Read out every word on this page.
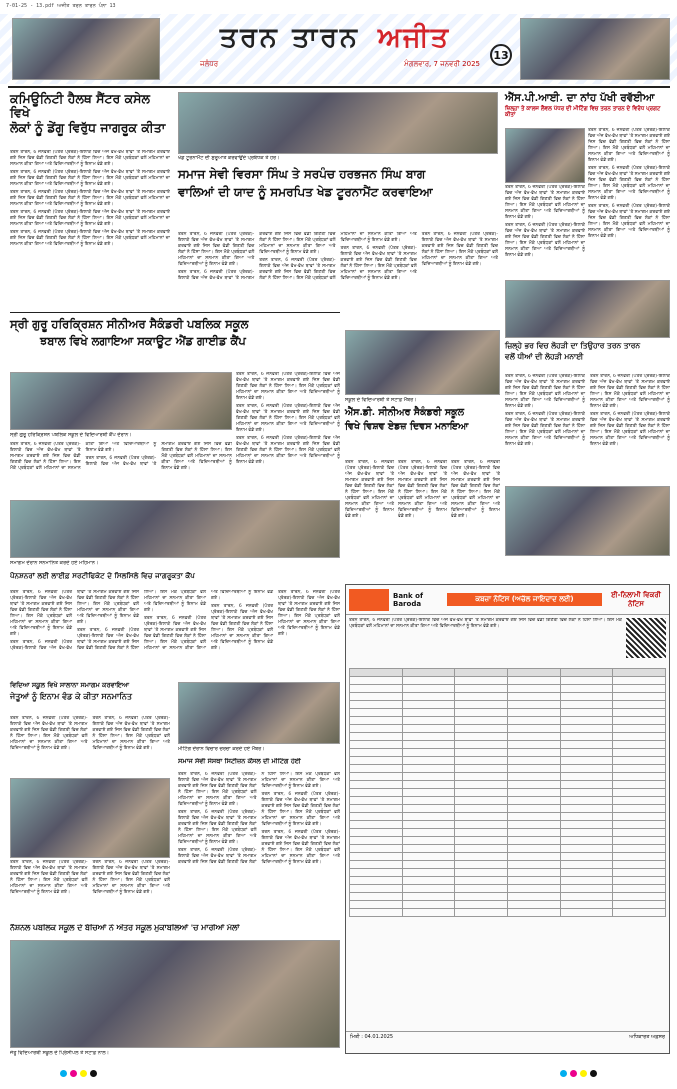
7-01-25 - 13.pdf ਅਜੀਤ ਤਰਨ ਤਾਰਨ ਪੰਨਾ 13
ਤਰਨ ਤਾਰਨ ਅਜੀਤ
ਜਲੰਧਰ	ਮੰਗਲਵਾਰ, 7 ਜਨਵਰੀ 2025
13
ਕਮਿਊਨਿਟੀ ਹੈਲਥ ਸੈਂਟਰ ਕਸੇਲ ਵਿਖੇ
ਲੋਕਾਂ ਨੂੰ ਡੇਂਗੂ ਵਿਰੁੱਧ ਜਾਗਰੂਕ ਕੀਤਾ

ਤਰਨ ਤਾਰਨ, 6 ਜਨਵਰੀ (ਪੱਤਰ ਪ੍ਰੇਰਕ)-ਇਲਾਕੇ ਵਿਚ ਅੱਜ ਵੱਖ-ਵੱਖ ਥਾਵਾਂ 'ਤੇ ਸਮਾਗਮ ਕਰਵਾਏ ਗਏ ਜਿਸ ਵਿਚ ਵੱਡੀ ਗਿਣਤੀ ਵਿਚ ਲੋਕਾਂ ਨੇ ਹਿੱਸਾ ਲਿਆ। ਇਸ ਮੌਕੇ ਪ੍ਰਬੰਧਕਾਂ ਵਲੋਂ ਮਹਿਮਾਨਾਂ ਦਾ ਸਨਮਾਨ ਕੀਤਾ ਗਿਆ ਅਤੇ ਵਿਦਿਆਰਥੀਆਂ ਨੂੰ ਇਨਾਮ ਵੰਡੇ ਗਏ।

ਤਰਨ ਤਾਰਨ, 6 ਜਨਵਰੀ (ਪੱਤਰ ਪ੍ਰੇਰਕ)-ਇਲਾਕੇ ਵਿਚ ਅੱਜ ਵੱਖ-ਵੱਖ ਥਾਵਾਂ 'ਤੇ ਸਮਾਗਮ ਕਰਵਾਏ ਗਏ ਜਿਸ ਵਿਚ ਵੱਡੀ ਗਿਣਤੀ ਵਿਚ ਲੋਕਾਂ ਨੇ ਹਿੱਸਾ ਲਿਆ। ਇਸ ਮੌਕੇ ਪ੍ਰਬੰਧਕਾਂ ਵਲੋਂ ਮਹਿਮਾਨਾਂ ਦਾ ਸਨਮਾਨ ਕੀਤਾ ਗਿਆ ਅਤੇ ਵਿਦਿਆਰਥੀਆਂ ਨੂੰ ਇਨਾਮ ਵੰਡੇ ਗਏ।

ਤਰਨ ਤਾਰਨ, 6 ਜਨਵਰੀ (ਪੱਤਰ ਪ੍ਰੇਰਕ)-ਇਲਾਕੇ ਵਿਚ ਅੱਜ ਵੱਖ-ਵੱਖ ਥਾਵਾਂ 'ਤੇ ਸਮਾਗਮ ਕਰਵਾਏ ਗਏ ਜਿਸ ਵਿਚ ਵੱਡੀ ਗਿਣਤੀ ਵਿਚ ਲੋਕਾਂ ਨੇ ਹਿੱਸਾ ਲਿਆ। ਇਸ ਮੌਕੇ ਪ੍ਰਬੰਧਕਾਂ ਵਲੋਂ ਮਹਿਮਾਨਾਂ ਦਾ ਸਨਮਾਨ ਕੀਤਾ ਗਿਆ ਅਤੇ ਵਿਦਿਆਰਥੀਆਂ ਨੂੰ ਇਨਾਮ ਵੰਡੇ ਗਏ।

ਤਰਨ ਤਾਰਨ, 6 ਜਨਵਰੀ (ਪੱਤਰ ਪ੍ਰੇਰਕ)-ਇਲਾਕੇ ਵਿਚ ਅੱਜ ਵੱਖ-ਵੱਖ ਥਾਵਾਂ 'ਤੇ ਸਮਾਗਮ ਕਰਵਾਏ ਗਏ ਜਿਸ ਵਿਚ ਵੱਡੀ ਗਿਣਤੀ ਵਿਚ ਲੋਕਾਂ ਨੇ ਹਿੱਸਾ ਲਿਆ। ਇਸ ਮੌਕੇ ਪ੍ਰਬੰਧਕਾਂ ਵਲੋਂ ਮਹਿਮਾਨਾਂ ਦਾ ਸਨਮਾਨ ਕੀਤਾ ਗਿਆ ਅਤੇ ਵਿਦਿਆਰਥੀਆਂ ਨੂੰ ਇਨਾਮ ਵੰਡੇ ਗਏ।

ਤਰਨ ਤਾਰਨ, 6 ਜਨਵਰੀ (ਪੱਤਰ ਪ੍ਰੇਰਕ)-ਇਲਾਕੇ ਵਿਚ ਅੱਜ ਵੱਖ-ਵੱਖ ਥਾਵਾਂ 'ਤੇ ਸਮਾਗਮ ਕਰਵਾਏ ਗਏ ਜਿਸ ਵਿਚ ਵੱਡੀ ਗਿਣਤੀ ਵਿਚ ਲੋਕਾਂ ਨੇ ਹਿੱਸਾ ਲਿਆ। ਇਸ ਮੌਕੇ ਪ੍ਰਬੰਧਕਾਂ ਵਲੋਂ ਮਹਿਮਾਨਾਂ ਦਾ ਸਨਮਾਨ ਕੀਤਾ ਗਿਆ ਅਤੇ ਵਿਦਿਆਰਥੀਆਂ ਨੂੰ ਇਨਾਮ ਵੰਡੇ ਗਏ।

ਖੇਡ ਟੂਰਨਾਮੈਂਟ ਦੀ ਸ਼ੁਰੂਆਤ ਕਰਵਾਉਂਦੇ ਪ੍ਰਬੰਧਕ ਤੇ ਹੋਰ।
ਸਮਾਜ ਸੇਵੀ ਵਿਰਸਾ ਸਿੰਘ ਤੇ ਸਰਪੰਚ ਹਰਭਜਨ ਸਿੰਘ ਬਾਗ
ਵਾਲਿਆਂ ਦੀ ਯਾਦ ਨੂੰ ਸਮਰਪਿਤ ਖੇਡ ਟੂਰਨਾਮੈਂਟ ਕਰਵਾਇਆ

ਤਰਨ ਤਾਰਨ, 6 ਜਨਵਰੀ (ਪੱਤਰ ਪ੍ਰੇਰਕ)-ਇਲਾਕੇ ਵਿਚ ਅੱਜ ਵੱਖ-ਵੱਖ ਥਾਵਾਂ 'ਤੇ ਸਮਾਗਮ ਕਰਵਾਏ ਗਏ ਜਿਸ ਵਿਚ ਵੱਡੀ ਗਿਣਤੀ ਵਿਚ ਲੋਕਾਂ ਨੇ ਹਿੱਸਾ ਲਿਆ। ਇਸ ਮੌਕੇ ਪ੍ਰਬੰਧਕਾਂ ਵਲੋਂ ਮਹਿਮਾਨਾਂ ਦਾ ਸਨਮਾਨ ਕੀਤਾ ਗਿਆ ਅਤੇ ਵਿਦਿਆਰਥੀਆਂ ਨੂੰ ਇਨਾਮ ਵੰਡੇ ਗਏ।

ਤਰਨ ਤਾਰਨ, 6 ਜਨਵਰੀ (ਪੱਤਰ ਪ੍ਰੇਰਕ)-ਇਲਾਕੇ ਵਿਚ ਅੱਜ ਵੱਖ-ਵੱਖ ਥਾਵਾਂ 'ਤੇ ਸਮਾਗਮ ਕਰਵਾਏ ਗਏ ਜਿਸ ਵਿਚ ਵੱਡੀ ਗਿਣਤੀ ਵਿਚ ਲੋਕਾਂ ਨੇ ਹਿੱਸਾ ਲਿਆ। ਇਸ ਮੌਕੇ ਪ੍ਰਬੰਧਕਾਂ ਵਲੋਂ ਮਹਿਮਾਨਾਂ ਦਾ ਸਨਮਾਨ ਕੀਤਾ ਗਿਆ ਅਤੇ ਵਿਦਿਆਰਥੀਆਂ ਨੂੰ ਇਨਾਮ ਵੰਡੇ ਗਏ।

ਤਰਨ ਤਾਰਨ, 6 ਜਨਵਰੀ (ਪੱਤਰ ਪ੍ਰੇਰਕ)-ਇਲਾਕੇ ਵਿਚ ਅੱਜ ਵੱਖ-ਵੱਖ ਥਾਵਾਂ 'ਤੇ ਸਮਾਗਮ ਕਰਵਾਏ ਗਏ ਜਿਸ ਵਿਚ ਵੱਡੀ ਗਿਣਤੀ ਵਿਚ ਲੋਕਾਂ ਨੇ ਹਿੱਸਾ ਲਿਆ। ਇਸ ਮੌਕੇ ਪ੍ਰਬੰਧਕਾਂ ਵਲੋਂ ਮਹਿਮਾਨਾਂ ਦਾ ਸਨਮਾਨ ਕੀਤਾ ਗਿਆ ਅਤੇ ਵਿਦਿਆਰਥੀਆਂ ਨੂੰ ਇਨਾਮ ਵੰਡੇ ਗਏ।

ਤਰਨ ਤਾਰਨ, 6 ਜਨਵਰੀ (ਪੱਤਰ ਪ੍ਰੇਰਕ)-ਇਲਾਕੇ ਵਿਚ ਅੱਜ ਵੱਖ-ਵੱਖ ਥਾਵਾਂ 'ਤੇ ਸਮਾਗਮ ਕਰਵਾਏ ਗਏ ਜਿਸ ਵਿਚ ਵੱਡੀ ਗਿਣਤੀ ਵਿਚ ਲੋਕਾਂ ਨੇ ਹਿੱਸਾ ਲਿਆ। ਇਸ ਮੌਕੇ ਪ੍ਰਬੰਧਕਾਂ ਵਲੋਂ ਮਹਿਮਾਨਾਂ ਦਾ ਸਨਮਾਨ ਕੀਤਾ ਗਿਆ ਅਤੇ ਵਿਦਿਆਰਥੀਆਂ ਨੂੰ ਇਨਾਮ ਵੰਡੇ ਗਏ।

ਤਰਨ ਤਾਰਨ, 6 ਜਨਵਰੀ (ਪੱਤਰ ਪ੍ਰੇਰਕ)-ਇਲਾਕੇ ਵਿਚ ਅੱਜ ਵੱਖ-ਵੱਖ ਥਾਵਾਂ 'ਤੇ ਸਮਾਗਮ ਕਰਵਾਏ ਗਏ ਜਿਸ ਵਿਚ ਵੱਡੀ ਗਿਣਤੀ ਵਿਚ ਲੋਕਾਂ ਨੇ ਹਿੱਸਾ ਲਿਆ। ਇਸ ਮੌਕੇ ਪ੍ਰਬੰਧਕਾਂ ਵਲੋਂ ਮਹਿਮਾਨਾਂ ਦਾ ਸਨਮਾਨ ਕੀਤਾ ਗਿਆ ਅਤੇ ਵਿਦਿਆਰਥੀਆਂ ਨੂੰ ਇਨਾਮ ਵੰਡੇ ਗਏ।

ਐੱਸ.ਪੀ.ਆਈ. ਦਾ ਨਾਂਹ ਪੱਖੀ ਰਵੱਈਆ
ਜ਼ਿਲ੍ਹਾ ਤੇ ਕਾਲਜ ਲੈਵਲ ਪੱਧਰ ਦੀ ਮੀਟਿੰਗ ਵਿਚ ਤਰਨ ਤਾਰਨ ਦੇ ਵਿਰੋਧ ਪ੍ਰਗਟ ਕੀਤਾ

ਤਰਨ ਤਾਰਨ, 6 ਜਨਵਰੀ (ਪੱਤਰ ਪ੍ਰੇਰਕ)-ਇਲਾਕੇ ਵਿਚ ਅੱਜ ਵੱਖ-ਵੱਖ ਥਾਵਾਂ 'ਤੇ ਸਮਾਗਮ ਕਰਵਾਏ ਗਏ ਜਿਸ ਵਿਚ ਵੱਡੀ ਗਿਣਤੀ ਵਿਚ ਲੋਕਾਂ ਨੇ ਹਿੱਸਾ ਲਿਆ। ਇਸ ਮੌਕੇ ਪ੍ਰਬੰਧਕਾਂ ਵਲੋਂ ਮਹਿਮਾਨਾਂ ਦਾ ਸਨਮਾਨ ਕੀਤਾ ਗਿਆ ਅਤੇ ਵਿਦਿਆਰਥੀਆਂ ਨੂੰ ਇਨਾਮ ਵੰਡੇ ਗਏ।

ਤਰਨ ਤਾਰਨ, 6 ਜਨਵਰੀ (ਪੱਤਰ ਪ੍ਰੇਰਕ)-ਇਲਾਕੇ ਵਿਚ ਅੱਜ ਵੱਖ-ਵੱਖ ਥਾਵਾਂ 'ਤੇ ਸਮਾਗਮ ਕਰਵਾਏ ਗਏ ਜਿਸ ਵਿਚ ਵੱਡੀ ਗਿਣਤੀ ਵਿਚ ਲੋਕਾਂ ਨੇ ਹਿੱਸਾ ਲਿਆ। ਇਸ ਮੌਕੇ ਪ੍ਰਬੰਧਕਾਂ ਵਲੋਂ ਮਹਿਮਾਨਾਂ ਦਾ ਸਨਮਾਨ ਕੀਤਾ ਗਿਆ ਅਤੇ ਵਿਦਿਆਰਥੀਆਂ ਨੂੰ ਇਨਾਮ ਵੰਡੇ ਗਏ।

ਤਰਨ ਤਾਰਨ, 6 ਜਨਵਰੀ (ਪੱਤਰ ਪ੍ਰੇਰਕ)-ਇਲਾਕੇ ਵਿਚ ਅੱਜ ਵੱਖ-ਵੱਖ ਥਾਵਾਂ 'ਤੇ ਸਮਾਗਮ ਕਰਵਾਏ ਗਏ ਜਿਸ ਵਿਚ ਵੱਡੀ ਗਿਣਤੀ ਵਿਚ ਲੋਕਾਂ ਨੇ ਹਿੱਸਾ ਲਿਆ। ਇਸ ਮੌਕੇ ਪ੍ਰਬੰਧਕਾਂ ਵਲੋਂ ਮਹਿਮਾਨਾਂ ਦਾ ਸਨਮਾਨ ਕੀਤਾ ਗਿਆ ਅਤੇ ਵਿਦਿਆਰਥੀਆਂ ਨੂੰ ਇਨਾਮ ਵੰਡੇ ਗਏ।

ਤਰਨ ਤਾਰਨ, 6 ਜਨਵਰੀ (ਪੱਤਰ ਪ੍ਰੇਰਕ)-ਇਲਾਕੇ ਵਿਚ ਅੱਜ ਵੱਖ-ਵੱਖ ਥਾਵਾਂ 'ਤੇ ਸਮਾਗਮ ਕਰਵਾਏ ਗਏ ਜਿਸ ਵਿਚ ਵੱਡੀ ਗਿਣਤੀ ਵਿਚ ਲੋਕਾਂ ਨੇ ਹਿੱਸਾ ਲਿਆ। ਇਸ ਮੌਕੇ ਪ੍ਰਬੰਧਕਾਂ ਵਲੋਂ ਮਹਿਮਾਨਾਂ ਦਾ ਸਨਮਾਨ ਕੀਤਾ ਗਿਆ ਅਤੇ ਵਿਦਿਆਰਥੀਆਂ ਨੂੰ ਇਨਾਮ ਵੰਡੇ ਗਏ।

ਤਰਨ ਤਾਰਨ, 6 ਜਨਵਰੀ (ਪੱਤਰ ਪ੍ਰੇਰਕ)-ਇਲਾਕੇ ਵਿਚ ਅੱਜ ਵੱਖ-ਵੱਖ ਥਾਵਾਂ 'ਤੇ ਸਮਾਗਮ ਕਰਵਾਏ ਗਏ ਜਿਸ ਵਿਚ ਵੱਡੀ ਗਿਣਤੀ ਵਿਚ ਲੋਕਾਂ ਨੇ ਹਿੱਸਾ ਲਿਆ। ਇਸ ਮੌਕੇ ਪ੍ਰਬੰਧਕਾਂ ਵਲੋਂ ਮਹਿਮਾਨਾਂ ਦਾ ਸਨਮਾਨ ਕੀਤਾ ਗਿਆ ਅਤੇ ਵਿਦਿਆਰਥੀਆਂ ਨੂੰ ਇਨਾਮ ਵੰਡੇ ਗਏ।

ਸ੍ਰੀ ਗੁਰੂ ਹਰਿਕ੍ਰਿਸ਼ਨ ਸੀਨੀਅਰ ਸੈਕੰਡਰੀ ਪਬਲਿਕ ਸਕੂਲ
ਝਬਾਲ ਵਿਖੇ ਲਗਾਇਆ ਸਕਾਊਟ ਐਂਡ ਗਾਈਡ ਕੈਂਪ

ਤਰਨ ਤਾਰਨ, 6 ਜਨਵਰੀ (ਪੱਤਰ ਪ੍ਰੇਰਕ)-ਇਲਾਕੇ ਵਿਚ ਅੱਜ ਵੱਖ-ਵੱਖ ਥਾਵਾਂ 'ਤੇ ਸਮਾਗਮ ਕਰਵਾਏ ਗਏ ਜਿਸ ਵਿਚ ਵੱਡੀ ਗਿਣਤੀ ਵਿਚ ਲੋਕਾਂ ਨੇ ਹਿੱਸਾ ਲਿਆ। ਇਸ ਮੌਕੇ ਪ੍ਰਬੰਧਕਾਂ ਵਲੋਂ ਮਹਿਮਾਨਾਂ ਦਾ ਸਨਮਾਨ ਕੀਤਾ ਗਿਆ ਅਤੇ ਵਿਦਿਆਰਥੀਆਂ ਨੂੰ ਇਨਾਮ ਵੰਡੇ ਗਏ।

ਤਰਨ ਤਾਰਨ, 6 ਜਨਵਰੀ (ਪੱਤਰ ਪ੍ਰੇਰਕ)-ਇਲਾਕੇ ਵਿਚ ਅੱਜ ਵੱਖ-ਵੱਖ ਥਾਵਾਂ 'ਤੇ ਸਮਾਗਮ ਕਰਵਾਏ ਗਏ ਜਿਸ ਵਿਚ ਵੱਡੀ ਗਿਣਤੀ ਵਿਚ ਲੋਕਾਂ ਨੇ ਹਿੱਸਾ ਲਿਆ। ਇਸ ਮੌਕੇ ਪ੍ਰਬੰਧਕਾਂ ਵਲੋਂ ਮਹਿਮਾਨਾਂ ਦਾ ਸਨਮਾਨ ਕੀਤਾ ਗਿਆ ਅਤੇ ਵਿਦਿਆਰਥੀਆਂ ਨੂੰ ਇਨਾਮ ਵੰਡੇ ਗਏ।

ਤਰਨ ਤਾਰਨ, 6 ਜਨਵਰੀ (ਪੱਤਰ ਪ੍ਰੇਰਕ)-ਇਲਾਕੇ ਵਿਚ ਅੱਜ ਵੱਖ-ਵੱਖ ਥਾਵਾਂ 'ਤੇ ਸਮਾਗਮ ਕਰਵਾਏ ਗਏ ਜਿਸ ਵਿਚ ਵੱਡੀ ਗਿਣਤੀ ਵਿਚ ਲੋਕਾਂ ਨੇ ਹਿੱਸਾ ਲਿਆ। ਇਸ ਮੌਕੇ ਪ੍ਰਬੰਧਕਾਂ ਵਲੋਂ ਮਹਿਮਾਨਾਂ ਦਾ ਸਨਮਾਨ ਕੀਤਾ ਗਿਆ ਅਤੇ ਵਿਦਿਆਰਥੀਆਂ ਨੂੰ ਇਨਾਮ ਵੰਡੇ ਗਏ।

ਸ੍ਰੀ ਗੁਰੂ ਹਰਿਕ੍ਰਿਸ਼ਨ ਪਬਲਿਕ ਸਕੂਲ ਦੇ ਵਿਦਿਆਰਥੀ ਕੈਂਪ ਦੌਰਾਨ।

ਤਰਨ ਤਾਰਨ, 6 ਜਨਵਰੀ (ਪੱਤਰ ਪ੍ਰੇਰਕ)-ਇਲਾਕੇ ਵਿਚ ਅੱਜ ਵੱਖ-ਵੱਖ ਥਾਵਾਂ 'ਤੇ ਸਮਾਗਮ ਕਰਵਾਏ ਗਏ ਜਿਸ ਵਿਚ ਵੱਡੀ ਗਿਣਤੀ ਵਿਚ ਲੋਕਾਂ ਨੇ ਹਿੱਸਾ ਲਿਆ। ਇਸ ਮੌਕੇ ਪ੍ਰਬੰਧਕਾਂ ਵਲੋਂ ਮਹਿਮਾਨਾਂ ਦਾ ਸਨਮਾਨ ਕੀਤਾ ਗਿਆ ਅਤੇ ਵਿਦਿਆਰਥੀਆਂ ਨੂੰ ਇਨਾਮ ਵੰਡੇ ਗਏ।

ਤਰਨ ਤਾਰਨ, 6 ਜਨਵਰੀ (ਪੱਤਰ ਪ੍ਰੇਰਕ)-ਇਲਾਕੇ ਵਿਚ ਅੱਜ ਵੱਖ-ਵੱਖ ਥਾਵਾਂ 'ਤੇ ਸਮਾਗਮ ਕਰਵਾਏ ਗਏ ਜਿਸ ਵਿਚ ਵੱਡੀ ਗਿਣਤੀ ਵਿਚ ਲੋਕਾਂ ਨੇ ਹਿੱਸਾ ਲਿਆ। ਇਸ ਮੌਕੇ ਪ੍ਰਬੰਧਕਾਂ ਵਲੋਂ ਮਹਿਮਾਨਾਂ ਦਾ ਸਨਮਾਨ ਕੀਤਾ ਗਿਆ ਅਤੇ ਵਿਦਿਆਰਥੀਆਂ ਨੂੰ ਇਨਾਮ ਵੰਡੇ ਗਏ।

ਜ਼ਿਲ੍ਹੇ ਭਰ ਵਿਚ ਲੋਹੜੀ ਦਾ ਤਿਉਹਾਰ ਤਰਨ ਤਾਰਨ
ਵਲੋਂ ਧੀਆਂ ਦੀ ਲੋਹੜੀ ਮਨਾਈ

ਤਰਨ ਤਾਰਨ, 6 ਜਨਵਰੀ (ਪੱਤਰ ਪ੍ਰੇਰਕ)-ਇਲਾਕੇ ਵਿਚ ਅੱਜ ਵੱਖ-ਵੱਖ ਥਾਵਾਂ 'ਤੇ ਸਮਾਗਮ ਕਰਵਾਏ ਗਏ ਜਿਸ ਵਿਚ ਵੱਡੀ ਗਿਣਤੀ ਵਿਚ ਲੋਕਾਂ ਨੇ ਹਿੱਸਾ ਲਿਆ। ਇਸ ਮੌਕੇ ਪ੍ਰਬੰਧਕਾਂ ਵਲੋਂ ਮਹਿਮਾਨਾਂ ਦਾ ਸਨਮਾਨ ਕੀਤਾ ਗਿਆ ਅਤੇ ਵਿਦਿਆਰਥੀਆਂ ਨੂੰ ਇਨਾਮ ਵੰਡੇ ਗਏ।

ਤਰਨ ਤਾਰਨ, 6 ਜਨਵਰੀ (ਪੱਤਰ ਪ੍ਰੇਰਕ)-ਇਲਾਕੇ ਵਿਚ ਅੱਜ ਵੱਖ-ਵੱਖ ਥਾਵਾਂ 'ਤੇ ਸਮਾਗਮ ਕਰਵਾਏ ਗਏ ਜਿਸ ਵਿਚ ਵੱਡੀ ਗਿਣਤੀ ਵਿਚ ਲੋਕਾਂ ਨੇ ਹਿੱਸਾ ਲਿਆ। ਇਸ ਮੌਕੇ ਪ੍ਰਬੰਧਕਾਂ ਵਲੋਂ ਮਹਿਮਾਨਾਂ ਦਾ ਸਨਮਾਨ ਕੀਤਾ ਗਿਆ ਅਤੇ ਵਿਦਿਆਰਥੀਆਂ ਨੂੰ ਇਨਾਮ ਵੰਡੇ ਗਏ।

ਤਰਨ ਤਾਰਨ, 6 ਜਨਵਰੀ (ਪੱਤਰ ਪ੍ਰੇਰਕ)-ਇਲਾਕੇ ਵਿਚ ਅੱਜ ਵੱਖ-ਵੱਖ ਥਾਵਾਂ 'ਤੇ ਸਮਾਗਮ ਕਰਵਾਏ ਗਏ ਜਿਸ ਵਿਚ ਵੱਡੀ ਗਿਣਤੀ ਵਿਚ ਲੋਕਾਂ ਨੇ ਹਿੱਸਾ ਲਿਆ। ਇਸ ਮੌਕੇ ਪ੍ਰਬੰਧਕਾਂ ਵਲੋਂ ਮਹਿਮਾਨਾਂ ਦਾ ਸਨਮਾਨ ਕੀਤਾ ਗਿਆ ਅਤੇ ਵਿਦਿਆਰਥੀਆਂ ਨੂੰ ਇਨਾਮ ਵੰਡੇ ਗਏ।

ਤਰਨ ਤਾਰਨ, 6 ਜਨਵਰੀ (ਪੱਤਰ ਪ੍ਰੇਰਕ)-ਇਲਾਕੇ ਵਿਚ ਅੱਜ ਵੱਖ-ਵੱਖ ਥਾਵਾਂ 'ਤੇ ਸਮਾਗਮ ਕਰਵਾਏ ਗਏ ਜਿਸ ਵਿਚ ਵੱਡੀ ਗਿਣਤੀ ਵਿਚ ਲੋਕਾਂ ਨੇ ਹਿੱਸਾ ਲਿਆ। ਇਸ ਮੌਕੇ ਪ੍ਰਬੰਧਕਾਂ ਵਲੋਂ ਮਹਿਮਾਨਾਂ ਦਾ ਸਨਮਾਨ ਕੀਤਾ ਗਿਆ ਅਤੇ ਵਿਦਿਆਰਥੀਆਂ ਨੂੰ ਇਨਾਮ ਵੰਡੇ ਗਏ।

ਸਕੂਲ ਦੇ ਵਿਦਿਆਰਥੀ ਤੇ ਸਟਾਫ਼ ਮੈਂਬਰ।
ਐੱਸ.ਡੀ. ਸੀਨੀਅਰ ਸੈਕੰਡਰੀ ਸਕੂਲ
ਵਿਖੇ ਵਿਸ਼ਵ ਏਡਜ਼ ਦਿਵਸ ਮਨਾਇਆ

ਤਰਨ ਤਾਰਨ, 6 ਜਨਵਰੀ (ਪੱਤਰ ਪ੍ਰੇਰਕ)-ਇਲਾਕੇ ਵਿਚ ਅੱਜ ਵੱਖ-ਵੱਖ ਥਾਵਾਂ 'ਤੇ ਸਮਾਗਮ ਕਰਵਾਏ ਗਏ ਜਿਸ ਵਿਚ ਵੱਡੀ ਗਿਣਤੀ ਵਿਚ ਲੋਕਾਂ ਨੇ ਹਿੱਸਾ ਲਿਆ। ਇਸ ਮੌਕੇ ਪ੍ਰਬੰਧਕਾਂ ਵਲੋਂ ਮਹਿਮਾਨਾਂ ਦਾ ਸਨਮਾਨ ਕੀਤਾ ਗਿਆ ਅਤੇ ਵਿਦਿਆਰਥੀਆਂ ਨੂੰ ਇਨਾਮ ਵੰਡੇ ਗਏ।

ਤਰਨ ਤਾਰਨ, 6 ਜਨਵਰੀ (ਪੱਤਰ ਪ੍ਰੇਰਕ)-ਇਲਾਕੇ ਵਿਚ ਅੱਜ ਵੱਖ-ਵੱਖ ਥਾਵਾਂ 'ਤੇ ਸਮਾਗਮ ਕਰਵਾਏ ਗਏ ਜਿਸ ਵਿਚ ਵੱਡੀ ਗਿਣਤੀ ਵਿਚ ਲੋਕਾਂ ਨੇ ਹਿੱਸਾ ਲਿਆ। ਇਸ ਮੌਕੇ ਪ੍ਰਬੰਧਕਾਂ ਵਲੋਂ ਮਹਿਮਾਨਾਂ ਦਾ ਸਨਮਾਨ ਕੀਤਾ ਗਿਆ ਅਤੇ ਵਿਦਿਆਰਥੀਆਂ ਨੂੰ ਇਨਾਮ ਵੰਡੇ ਗਏ।

ਤਰਨ ਤਾਰਨ, 6 ਜਨਵਰੀ (ਪੱਤਰ ਪ੍ਰੇਰਕ)-ਇਲਾਕੇ ਵਿਚ ਅੱਜ ਵੱਖ-ਵੱਖ ਥਾਵਾਂ 'ਤੇ ਸਮਾਗਮ ਕਰਵਾਏ ਗਏ ਜਿਸ ਵਿਚ ਵੱਡੀ ਗਿਣਤੀ ਵਿਚ ਲੋਕਾਂ ਨੇ ਹਿੱਸਾ ਲਿਆ। ਇਸ ਮੌਕੇ ਪ੍ਰਬੰਧਕਾਂ ਵਲੋਂ ਮਹਿਮਾਨਾਂ ਦਾ ਸਨਮਾਨ ਕੀਤਾ ਗਿਆ ਅਤੇ ਵਿਦਿਆਰਥੀਆਂ ਨੂੰ ਇਨਾਮ ਵੰਡੇ ਗਏ।

ਸਮਾਗਮ ਦੌਰਾਨ ਸਨਮਾਨਿਤ ਕਰਦੇ ਹੋਏ ਮਹਿਮਾਨ।
ਪੈਨਸ਼ਨਰਾਂ ਲਈ ਲਾਈਫ਼ ਸਰਟੀਫਿਕੇਟ ਦੇ ਸਿਲਸਿਲੇ ਵਿਚ ਜਾਗਰੂਕਤਾ ਕੈਂਪ

ਤਰਨ ਤਾਰਨ, 6 ਜਨਵਰੀ (ਪੱਤਰ ਪ੍ਰੇਰਕ)-ਇਲਾਕੇ ਵਿਚ ਅੱਜ ਵੱਖ-ਵੱਖ ਥਾਵਾਂ 'ਤੇ ਸਮਾਗਮ ਕਰਵਾਏ ਗਏ ਜਿਸ ਵਿਚ ਵੱਡੀ ਗਿਣਤੀ ਵਿਚ ਲੋਕਾਂ ਨੇ ਹਿੱਸਾ ਲਿਆ। ਇਸ ਮੌਕੇ ਪ੍ਰਬੰਧਕਾਂ ਵਲੋਂ ਮਹਿਮਾਨਾਂ ਦਾ ਸਨਮਾਨ ਕੀਤਾ ਗਿਆ ਅਤੇ ਵਿਦਿਆਰਥੀਆਂ ਨੂੰ ਇਨਾਮ ਵੰਡੇ ਗਏ।

ਤਰਨ ਤਾਰਨ, 6 ਜਨਵਰੀ (ਪੱਤਰ ਪ੍ਰੇਰਕ)-ਇਲਾਕੇ ਵਿਚ ਅੱਜ ਵੱਖ-ਵੱਖ ਥਾਵਾਂ 'ਤੇ ਸਮਾਗਮ ਕਰਵਾਏ ਗਏ ਜਿਸ ਵਿਚ ਵੱਡੀ ਗਿਣਤੀ ਵਿਚ ਲੋਕਾਂ ਨੇ ਹਿੱਸਾ ਲਿਆ। ਇਸ ਮੌਕੇ ਪ੍ਰਬੰਧਕਾਂ ਵਲੋਂ ਮਹਿਮਾਨਾਂ ਦਾ ਸਨਮਾਨ ਕੀਤਾ ਗਿਆ ਅਤੇ ਵਿਦਿਆਰਥੀਆਂ ਨੂੰ ਇਨਾਮ ਵੰਡੇ ਗਏ।

ਤਰਨ ਤਾਰਨ, 6 ਜਨਵਰੀ (ਪੱਤਰ ਪ੍ਰੇਰਕ)-ਇਲਾਕੇ ਵਿਚ ਅੱਜ ਵੱਖ-ਵੱਖ ਥਾਵਾਂ 'ਤੇ ਸਮਾਗਮ ਕਰਵਾਏ ਗਏ ਜਿਸ ਵਿਚ ਵੱਡੀ ਗਿਣਤੀ ਵਿਚ ਲੋਕਾਂ ਨੇ ਹਿੱਸਾ ਲਿਆ। ਇਸ ਮੌਕੇ ਪ੍ਰਬੰਧਕਾਂ ਵਲੋਂ ਮਹਿਮਾਨਾਂ ਦਾ ਸਨਮਾਨ ਕੀਤਾ ਗਿਆ ਅਤੇ ਵਿਦਿਆਰਥੀਆਂ ਨੂੰ ਇਨਾਮ ਵੰਡੇ ਗਏ।

ਤਰਨ ਤਾਰਨ, 6 ਜਨਵਰੀ (ਪੱਤਰ ਪ੍ਰੇਰਕ)-ਇਲਾਕੇ ਵਿਚ ਅੱਜ ਵੱਖ-ਵੱਖ ਥਾਵਾਂ 'ਤੇ ਸਮਾਗਮ ਕਰਵਾਏ ਗਏ ਜਿਸ ਵਿਚ ਵੱਡੀ ਗਿਣਤੀ ਵਿਚ ਲੋਕਾਂ ਨੇ ਹਿੱਸਾ ਲਿਆ। ਇਸ ਮੌਕੇ ਪ੍ਰਬੰਧਕਾਂ ਵਲੋਂ ਮਹਿਮਾਨਾਂ ਦਾ ਸਨਮਾਨ ਕੀਤਾ ਗਿਆ ਅਤੇ ਵਿਦਿਆਰਥੀਆਂ ਨੂੰ ਇਨਾਮ ਵੰਡੇ ਗਏ।

ਤਰਨ ਤਾਰਨ, 6 ਜਨਵਰੀ (ਪੱਤਰ ਪ੍ਰੇਰਕ)-ਇਲਾਕੇ ਵਿਚ ਅੱਜ ਵੱਖ-ਵੱਖ ਥਾਵਾਂ 'ਤੇ ਸਮਾਗਮ ਕਰਵਾਏ ਗਏ ਜਿਸ ਵਿਚ ਵੱਡੀ ਗਿਣਤੀ ਵਿਚ ਲੋਕਾਂ ਨੇ ਹਿੱਸਾ ਲਿਆ। ਇਸ ਮੌਕੇ ਪ੍ਰਬੰਧਕਾਂ ਵਲੋਂ ਮਹਿਮਾਨਾਂ ਦਾ ਸਨਮਾਨ ਕੀਤਾ ਗਿਆ ਅਤੇ ਵਿਦਿਆਰਥੀਆਂ ਨੂੰ ਇਨਾਮ ਵੰਡੇ ਗਏ।

ਤਰਨ ਤਾਰਨ, 6 ਜਨਵਰੀ (ਪੱਤਰ ਪ੍ਰੇਰਕ)-ਇਲਾਕੇ ਵਿਚ ਅੱਜ ਵੱਖ-ਵੱਖ ਥਾਵਾਂ 'ਤੇ ਸਮਾਗਮ ਕਰਵਾਏ ਗਏ ਜਿਸ ਵਿਚ ਵੱਡੀ ਗਿਣਤੀ ਵਿਚ ਲੋਕਾਂ ਨੇ ਹਿੱਸਾ ਲਿਆ। ਇਸ ਮੌਕੇ ਪ੍ਰਬੰਧਕਾਂ ਵਲੋਂ ਮਹਿਮਾਨਾਂ ਦਾ ਸਨਮਾਨ ਕੀਤਾ ਗਿਆ ਅਤੇ ਵਿਦਿਆਰਥੀਆਂ ਨੂੰ ਇਨਾਮ ਵੰਡੇ ਗਏ।

ਵਿਦਿਆ ਸਕੂਲ ਵਿਖੇ ਸਾਲਾਨਾ ਸਮਾਗਮ ਕਰਵਾਇਆ
ਜੇਤੂਆਂ ਨੂੰ ਇਨਾਮ ਵੰਡ ਕੇ ਕੀਤਾ ਸਨਮਾਨਿਤ

ਤਰਨ ਤਾਰਨ, 6 ਜਨਵਰੀ (ਪੱਤਰ ਪ੍ਰੇਰਕ)-ਇਲਾਕੇ ਵਿਚ ਅੱਜ ਵੱਖ-ਵੱਖ ਥਾਵਾਂ 'ਤੇ ਸਮਾਗਮ ਕਰਵਾਏ ਗਏ ਜਿਸ ਵਿਚ ਵੱਡੀ ਗਿਣਤੀ ਵਿਚ ਲੋਕਾਂ ਨੇ ਹਿੱਸਾ ਲਿਆ। ਇਸ ਮੌਕੇ ਪ੍ਰਬੰਧਕਾਂ ਵਲੋਂ ਮਹਿਮਾਨਾਂ ਦਾ ਸਨਮਾਨ ਕੀਤਾ ਗਿਆ ਅਤੇ ਵਿਦਿਆਰਥੀਆਂ ਨੂੰ ਇਨਾਮ ਵੰਡੇ ਗਏ।

ਤਰਨ ਤਾਰਨ, 6 ਜਨਵਰੀ (ਪੱਤਰ ਪ੍ਰੇਰਕ)-ਇਲਾਕੇ ਵਿਚ ਅੱਜ ਵੱਖ-ਵੱਖ ਥਾਵਾਂ 'ਤੇ ਸਮਾਗਮ ਕਰਵਾਏ ਗਏ ਜਿਸ ਵਿਚ ਵੱਡੀ ਗਿਣਤੀ ਵਿਚ ਲੋਕਾਂ ਨੇ ਹਿੱਸਾ ਲਿਆ। ਇਸ ਮੌਕੇ ਪ੍ਰਬੰਧਕਾਂ ਵਲੋਂ ਮਹਿਮਾਨਾਂ ਦਾ ਸਨਮਾਨ ਕੀਤਾ ਗਿਆ ਅਤੇ ਵਿਦਿਆਰਥੀਆਂ ਨੂੰ ਇਨਾਮ ਵੰਡੇ ਗਏ।

ਤਰਨ ਤਾਰਨ, 6 ਜਨਵਰੀ (ਪੱਤਰ ਪ੍ਰੇਰਕ)-ਇਲਾਕੇ ਵਿਚ ਅੱਜ ਵੱਖ-ਵੱਖ ਥਾਵਾਂ 'ਤੇ ਸਮਾਗਮ ਕਰਵਾਏ ਗਏ ਜਿਸ ਵਿਚ ਵੱਡੀ ਗਿਣਤੀ ਵਿਚ ਲੋਕਾਂ ਨੇ ਹਿੱਸਾ ਲਿਆ। ਇਸ ਮੌਕੇ ਪ੍ਰਬੰਧਕਾਂ ਵਲੋਂ ਮਹਿਮਾਨਾਂ ਦਾ ਸਨਮਾਨ ਕੀਤਾ ਗਿਆ ਅਤੇ ਵਿਦਿਆਰਥੀਆਂ ਨੂੰ ਇਨਾਮ ਵੰਡੇ ਗਏ।

ਤਰਨ ਤਾਰਨ, 6 ਜਨਵਰੀ (ਪੱਤਰ ਪ੍ਰੇਰਕ)-ਇਲਾਕੇ ਵਿਚ ਅੱਜ ਵੱਖ-ਵੱਖ ਥਾਵਾਂ 'ਤੇ ਸਮਾਗਮ ਕਰਵਾਏ ਗਏ ਜਿਸ ਵਿਚ ਵੱਡੀ ਗਿਣਤੀ ਵਿਚ ਲੋਕਾਂ ਨੇ ਹਿੱਸਾ ਲਿਆ। ਇਸ ਮੌਕੇ ਪ੍ਰਬੰਧਕਾਂ ਵਲੋਂ ਮਹਿਮਾਨਾਂ ਦਾ ਸਨਮਾਨ ਕੀਤਾ ਗਿਆ ਅਤੇ ਵਿਦਿਆਰਥੀਆਂ ਨੂੰ ਇਨਾਮ ਵੰਡੇ ਗਏ।

ਮੀਟਿੰਗ ਦੌਰਾਨ ਵਿਚਾਰ ਚਰਚਾ ਕਰਦੇ ਹੋਏ ਮੈਂਬਰ।
ਸਮਾਜ ਸੇਵੀ ਸੰਸਥਾ ਸਿਟੀਜ਼ਨ ਕੌਂਸਲ ਦੀ ਮੀਟਿੰਗ ਹੋਈ

ਤਰਨ ਤਾਰਨ, 6 ਜਨਵਰੀ (ਪੱਤਰ ਪ੍ਰੇਰਕ)-ਇਲਾਕੇ ਵਿਚ ਅੱਜ ਵੱਖ-ਵੱਖ ਥਾਵਾਂ 'ਤੇ ਸਮਾਗਮ ਕਰਵਾਏ ਗਏ ਜਿਸ ਵਿਚ ਵੱਡੀ ਗਿਣਤੀ ਵਿਚ ਲੋਕਾਂ ਨੇ ਹਿੱਸਾ ਲਿਆ। ਇਸ ਮੌਕੇ ਪ੍ਰਬੰਧਕਾਂ ਵਲੋਂ ਮਹਿਮਾਨਾਂ ਦਾ ਸਨਮਾਨ ਕੀਤਾ ਗਿਆ ਅਤੇ ਵਿਦਿਆਰਥੀਆਂ ਨੂੰ ਇਨਾਮ ਵੰਡੇ ਗਏ।

ਤਰਨ ਤਾਰਨ, 6 ਜਨਵਰੀ (ਪੱਤਰ ਪ੍ਰੇਰਕ)-ਇਲਾਕੇ ਵਿਚ ਅੱਜ ਵੱਖ-ਵੱਖ ਥਾਵਾਂ 'ਤੇ ਸਮਾਗਮ ਕਰਵਾਏ ਗਏ ਜਿਸ ਵਿਚ ਵੱਡੀ ਗਿਣਤੀ ਵਿਚ ਲੋਕਾਂ ਨੇ ਹਿੱਸਾ ਲਿਆ। ਇਸ ਮੌਕੇ ਪ੍ਰਬੰਧਕਾਂ ਵਲੋਂ ਮਹਿਮਾਨਾਂ ਦਾ ਸਨਮਾਨ ਕੀਤਾ ਗਿਆ ਅਤੇ ਵਿਦਿਆਰਥੀਆਂ ਨੂੰ ਇਨਾਮ ਵੰਡੇ ਗਏ।

ਤਰਨ ਤਾਰਨ, 6 ਜਨਵਰੀ (ਪੱਤਰ ਪ੍ਰੇਰਕ)-ਇਲਾਕੇ ਵਿਚ ਅੱਜ ਵੱਖ-ਵੱਖ ਥਾਵਾਂ 'ਤੇ ਸਮਾਗਮ ਕਰਵਾਏ ਗਏ ਜਿਸ ਵਿਚ ਵੱਡੀ ਗਿਣਤੀ ਵਿਚ ਲੋਕਾਂ ਨੇ ਹਿੱਸਾ ਲਿਆ। ਇਸ ਮੌਕੇ ਪ੍ਰਬੰਧਕਾਂ ਵਲੋਂ ਮਹਿਮਾਨਾਂ ਦਾ ਸਨਮਾਨ ਕੀਤਾ ਗਿਆ ਅਤੇ ਵਿਦਿਆਰਥੀਆਂ ਨੂੰ ਇਨਾਮ ਵੰਡੇ ਗਏ।

ਤਰਨ ਤਾਰਨ, 6 ਜਨਵਰੀ (ਪੱਤਰ ਪ੍ਰੇਰਕ)-ਇਲਾਕੇ ਵਿਚ ਅੱਜ ਵੱਖ-ਵੱਖ ਥਾਵਾਂ 'ਤੇ ਸਮਾਗਮ ਕਰਵਾਏ ਗਏ ਜਿਸ ਵਿਚ ਵੱਡੀ ਗਿਣਤੀ ਵਿਚ ਲੋਕਾਂ ਨੇ ਹਿੱਸਾ ਲਿਆ। ਇਸ ਮੌਕੇ ਪ੍ਰਬੰਧਕਾਂ ਵਲੋਂ ਮਹਿਮਾਨਾਂ ਦਾ ਸਨਮਾਨ ਕੀਤਾ ਗਿਆ ਅਤੇ ਵਿਦਿਆਰਥੀਆਂ ਨੂੰ ਇਨਾਮ ਵੰਡੇ ਗਏ।

ਤਰਨ ਤਾਰਨ, 6 ਜਨਵਰੀ (ਪੱਤਰ ਪ੍ਰੇਰਕ)-ਇਲਾਕੇ ਵਿਚ ਅੱਜ ਵੱਖ-ਵੱਖ ਥਾਵਾਂ 'ਤੇ ਸਮਾਗਮ ਕਰਵਾਏ ਗਏ ਜਿਸ ਵਿਚ ਵੱਡੀ ਗਿਣਤੀ ਵਿਚ ਲੋਕਾਂ ਨੇ ਹਿੱਸਾ ਲਿਆ। ਇਸ ਮੌਕੇ ਪ੍ਰਬੰਧਕਾਂ ਵਲੋਂ ਮਹਿਮਾਨਾਂ ਦਾ ਸਨਮਾਨ ਕੀਤਾ ਗਿਆ ਅਤੇ ਵਿਦਿਆਰਥੀਆਂ ਨੂੰ ਇਨਾਮ ਵੰਡੇ ਗਏ।

ਨੈਸ਼ਨਲ ਪਬਲਿਕ ਸਕੂਲ ਦੇ ਬੱਚਿਆਂ ਨੇ ਅੰਤਰ ਸਕੂਲ ਮੁਕਾਬਲਿਆਂ 'ਚ ਮਾਰੀਆਂ ਮੱਲਾਂ
ਜੇਤੂ ਵਿਦਿਆਰਥੀ ਸਕੂਲ ਦੇ ਪ੍ਰਿੰਸੀਪਲ ਤੇ ਸਟਾਫ਼ ਨਾਲ।
Bank of Baroda
ਕਬਜ਼ਾ ਨੋਟਿਸ (ਅਚੱਲ ਜਾਇਦਾਦ ਲਈ)
ਈ-ਨਿਲਾਮੀ ਵਿਕਰੀ ਨੋਟਿਸ
ਤਰਨ ਤਾਰਨ, 6 ਜਨਵਰੀ (ਪੱਤਰ ਪ੍ਰੇਰਕ)-ਇਲਾਕੇ ਵਿਚ ਅੱਜ ਵੱਖ-ਵੱਖ ਥਾਵਾਂ 'ਤੇ ਸਮਾਗਮ ਕਰਵਾਏ ਗਏ ਜਿਸ ਵਿਚ ਵੱਡੀ ਗਿਣਤੀ ਵਿਚ ਲੋਕਾਂ ਨੇ ਹਿੱਸਾ ਲਿਆ। ਇਸ ਮੌਕੇ ਪ੍ਰਬੰਧਕਾਂ ਵਲੋਂ ਮਹਿਮਾਨਾਂ ਦਾ ਸਨਮਾਨ ਕੀਤਾ ਗਿਆ ਅਤੇ ਵਿਦਿਆਰਥੀਆਂ ਨੂੰ ਇਨਾਮ ਵੰਡੇ ਗਏ।

ਮਿਤੀ : 04.01.2025	ਅਧਿਕਾਰਤ ਅਫ਼ਸਰ
